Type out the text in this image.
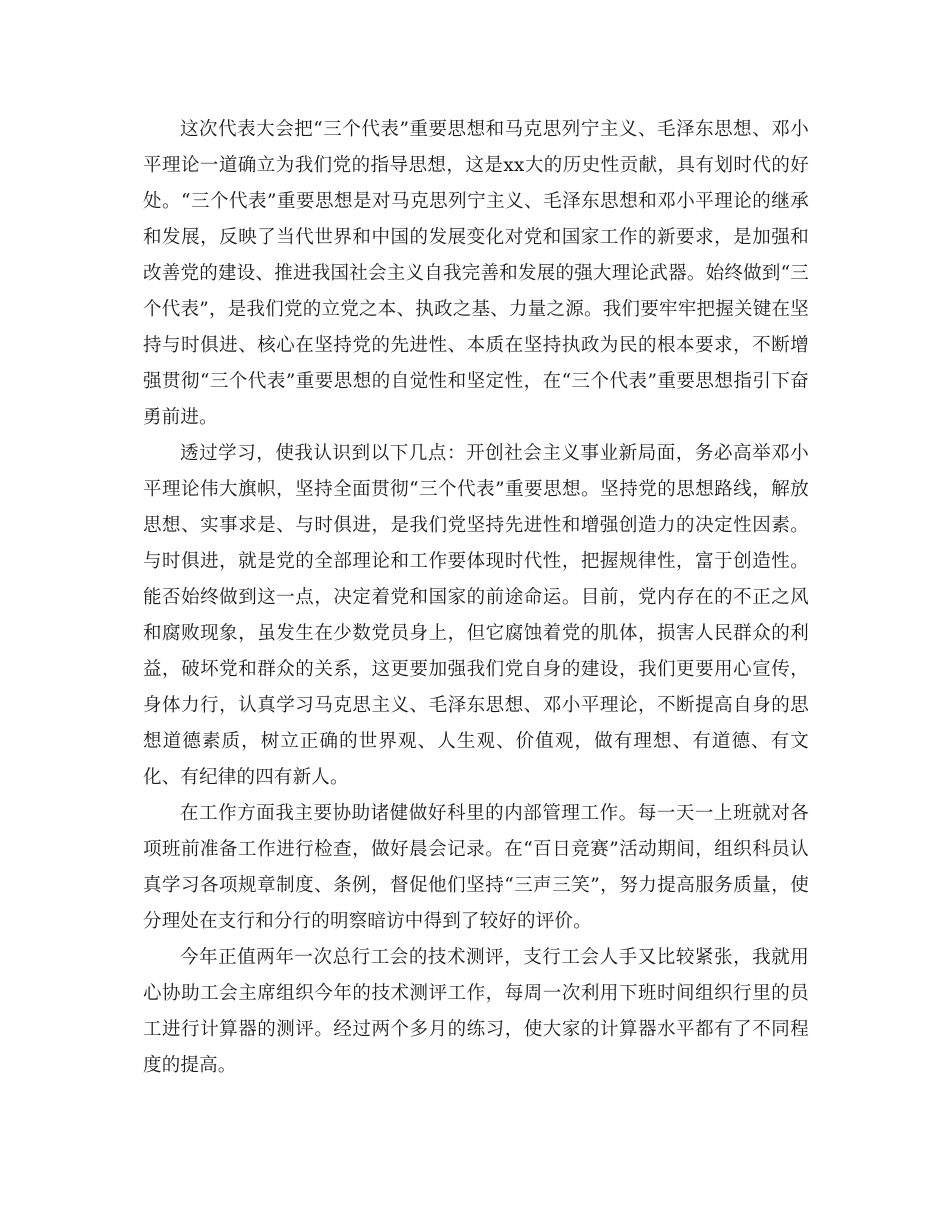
这次代表大会把“三个代表”重要思想和马克思列宁主义、毛泽东思想、邓小平理论一道确立为我们党的指导思想，这是xx大的历史性贡献，具有划时代的好处。“三个代表”重要思想是对马克思列宁主义、毛泽东思想和邓小平理论的继承和发展，反映了当代世界和中国的发展变化对党和国家工作的新要求，是加强和改善党的建设、推进我国社会主义自我完善和发展的强大理论武器。始终做到“三个代表”，是我们党的立党之本、执政之基、力量之源。我们要牢牢把握关键在坚持与时俱进、核心在坚持党的先进性、本质在坚持执政为民的根本要求，不断增强贯彻“三个代表”重要思想的自觉性和坚定性，在“三个代表”重要思想指引下奋勇前进。

透过学习，使我认识到以下几点：开创社会主义事业新局面，务必高举邓小平理论伟大旗帜，坚持全面贯彻“三个代表”重要思想。坚持党的思想路线，解放思想、实事求是、与时俱进，是我们党坚持先进性和增强创造力的决定性因素。与时俱进，就是党的全部理论和工作要体现时代性，把握规律性，富于创造性。能否始终做到这一点，决定着党和国家的前途命运。目前，党内存在的不正之风和腐败现象，虽发生在少数党员身上，但它腐蚀着党的肌体，损害人民群众的利益，破坏党和群众的关系，这更要加强我们党自身的建设，我们更要用心宣传，身体力行，认真学习马克思主义、毛泽东思想、邓小平理论，不断提高自身的思想道德素质，树立正确的世界观、人生观、价值观，做有理想、有道德、有文化、有纪律的四有新人。

在工作方面我主要协助诸健做好科里的内部管理工作。每一天一上班就对各项班前准备工作进行检查，做好晨会记录。在“百日竞赛”活动期间，组织科员认真学习各项规章制度、条例，督促他们坚持“三声三笑”，努力提高服务质量，使分理处在支行和分行的明察暗访中得到了较好的评价。

今年正值两年一次总行工会的技术测评，支行工会人手又比较紧张，我就用心协助工会主席组织今年的技术测评工作，每周一次利用下班时间组织行里的员工进行计算器的测评。经过两个多月的练习，使大家的计算器水平都有了不同程度的提高。
